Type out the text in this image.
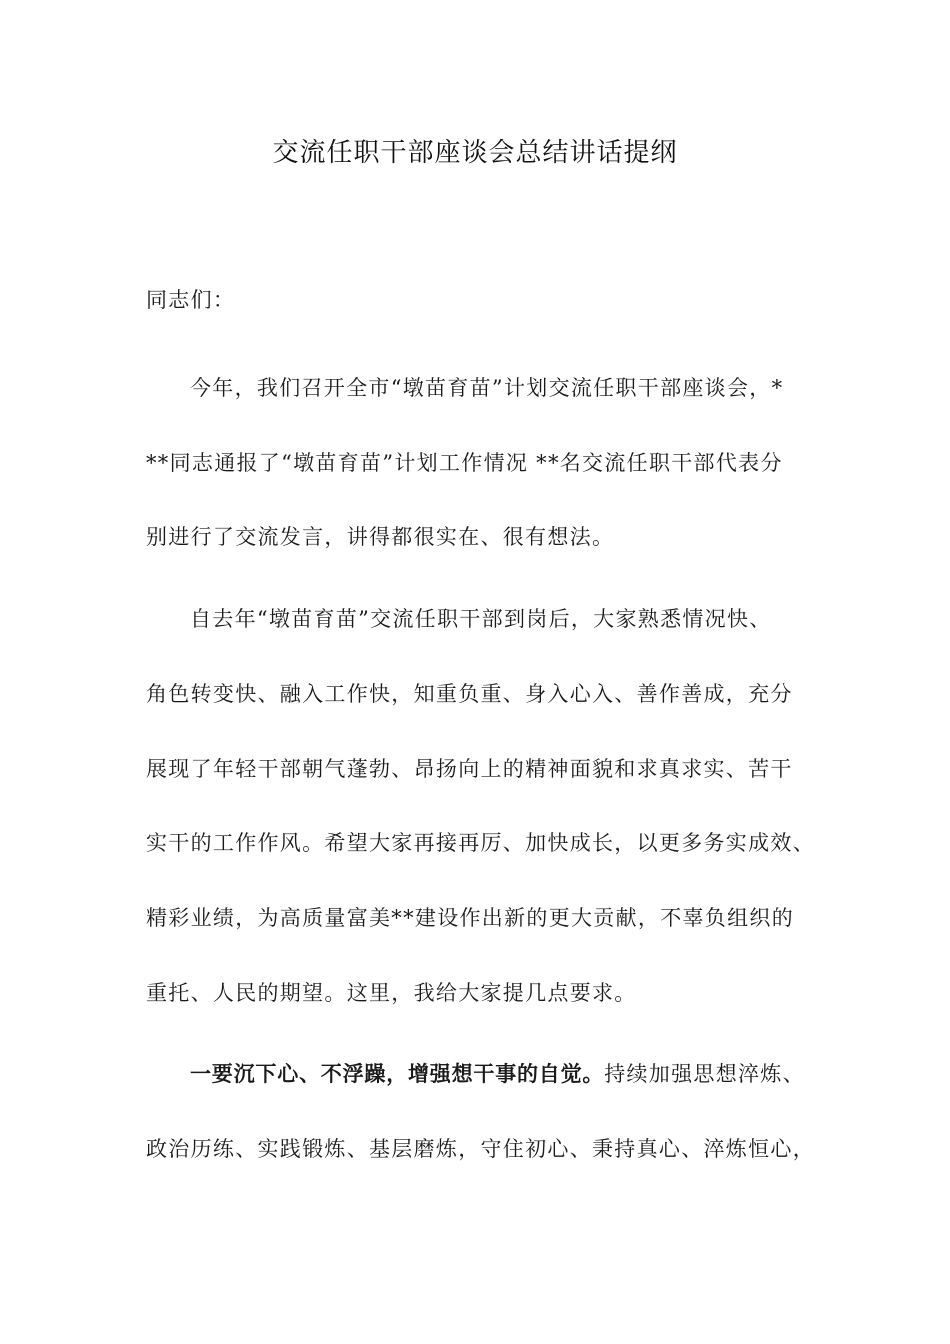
交流任职干部座谈会总结讲话提纲
同志们：
今年，我们召开全市“墩苗育苗”计划交流任职干部座谈会，*
**同志通报了“墩苗育苗”计划工作情况 **名交流任职干部代表分
别进行了交流发言，讲得都很实在、很有想法。
自去年“墩苗育苗”交流任职干部到岗后，大家熟悉情况快、
角色转变快、融入工作快，知重负重、身入心入、善作善成，充分
展现了年轻干部朝气蓬勃、昂扬向上的精神面貌和求真求实、苦干
实干的工作作风。希望大家再接再厉、加快成长，以更多务实成效、
精彩业绩，为高质量富美**建设作出新的更大贡献，不辜负组织的
重托、人民的期望。这里，我给大家提几点要求。
一要沉下心、不浮躁，增强想干事的自觉。持续加强思想淬炼、
政治历练、实践锻炼、基层磨炼，守住初心、秉持真心、淬炼恒心，
